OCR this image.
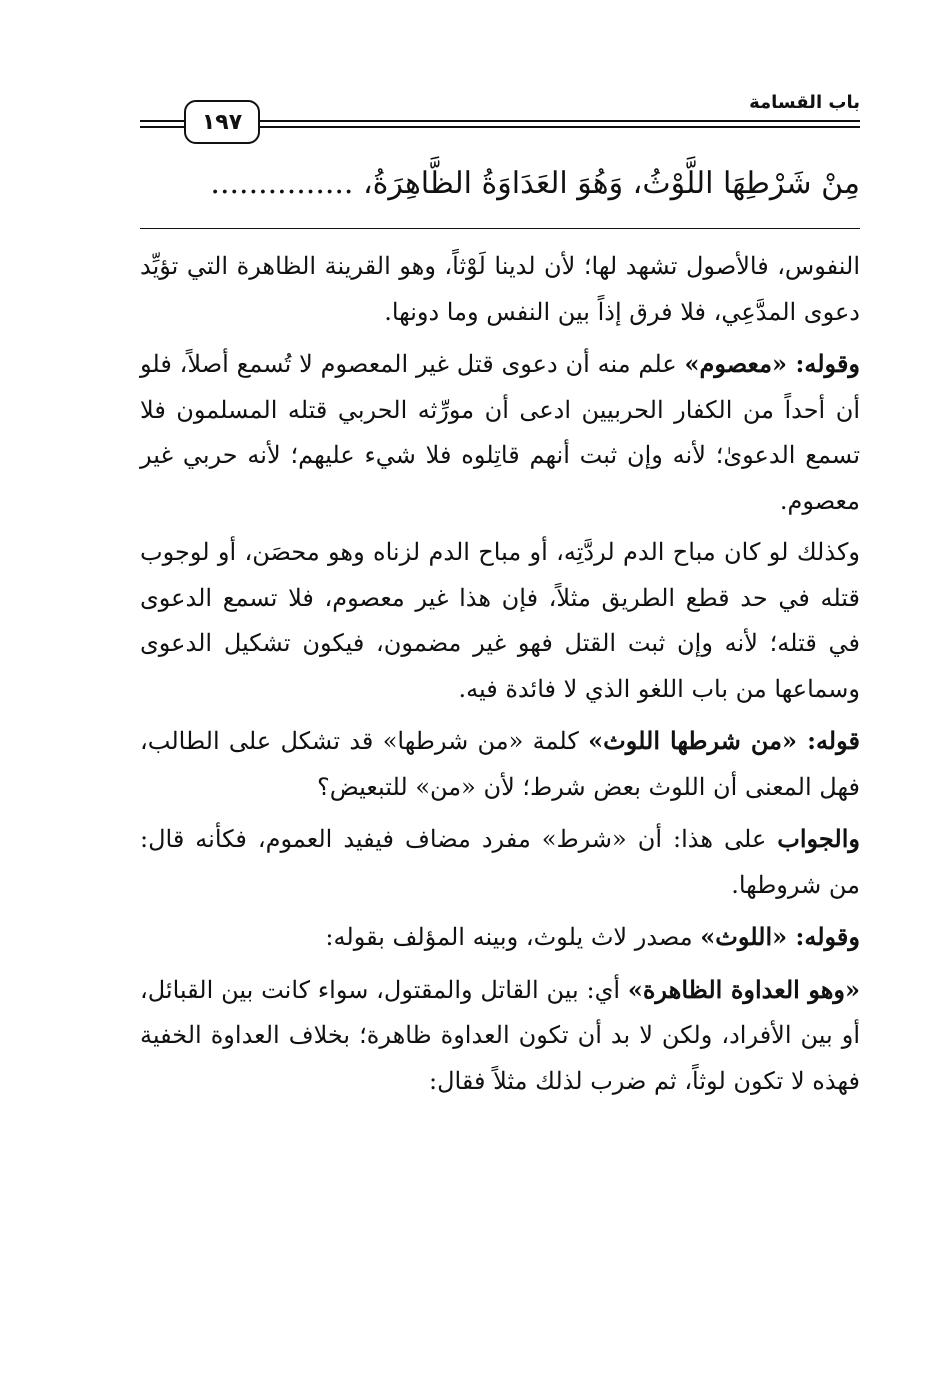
١٩٧
باب القسامة
مِنْ شَرْطِهَا اللَّوْثُ، وَهُوَ العَدَاوَةُ الظَّاهِرَةُ، ...............

النفوس، فالأصول تشهد لها؛ لأن لدينا لَوْثاً، وهو القرينة الظاهرة التي تؤيِّد دعوى المدَّعِي، فلا فرق إذاً بين النفس وما دونها.

وقوله: «معصوم» علم منه أن دعوى قتل غير المعصوم لا تُسمع أصلاً، فلو أن أحداً من الكفار الحربيين ادعى أن مورِّثه الحربي قتله المسلمون فلا تسمع الدعوىٰ؛ لأنه وإن ثبت أنهم قاتِلوه فلا شيء عليهم؛ لأنه حربي غير معصوم.

وكذلك لو كان مباح الدم لردَّتِه، أو مباح الدم لزناه وهو محصَن، أو لوجوب قتله في حد قطع الطريق مثلاً، فإن هذا غير معصوم، فلا تسمع الدعوى في قتله؛ لأنه وإن ثبت القتل فهو غير مضمون، فيكون تشكيل الدعوى وسماعها من باب اللغو الذي لا فائدة فيه.

قوله: «من شرطها اللوث» كلمة «من شرطها» قد تشكل على الطالب، فهل المعنى أن اللوث بعض شرط؛ لأن «من» للتبعيض؟

والجواب على هذا: أن «شرط» مفرد مضاف فيفيد العموم، فكأنه قال: من شروطها.

وقوله: «اللوث» مصدر لاث يلوث، وبينه المؤلف بقوله:

«وهو العداوة الظاهرة» أي: بين القاتل والمقتول، سواء كانت بين القبائل، أو بين الأفراد، ولكن لا بد أن تكون العداوة ظاهرة؛ بخلاف العداوة الخفية فهذه لا تكون لوثاً، ثم ضرب لذلك مثلاً فقال:
